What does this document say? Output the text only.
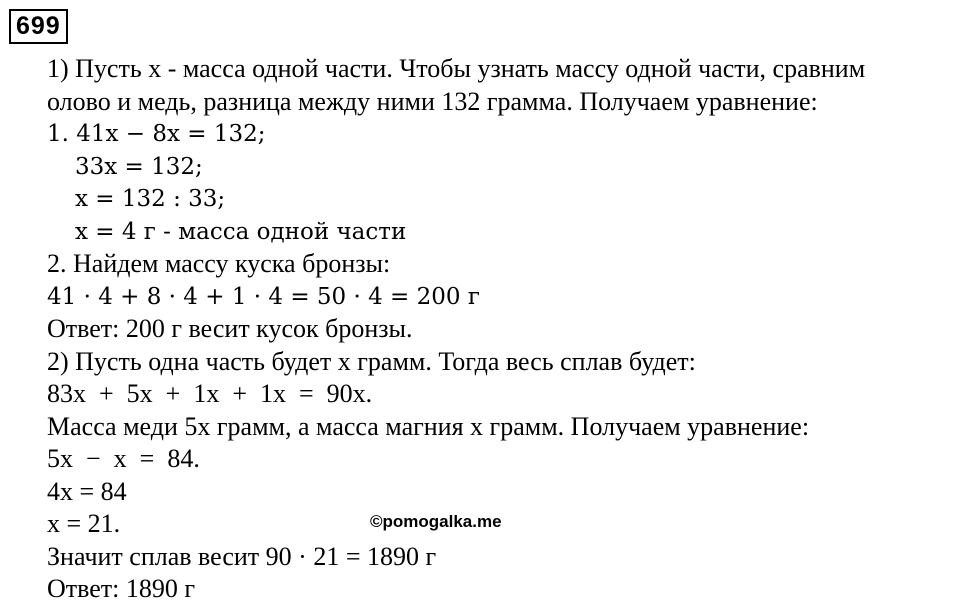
699
1) Пусть х - масса одной части. Чтобы узнать массу одной части, сравним
олово и медь, разница между ними 132 грамма. Получаем уравнение:
1. 41x − 8x = 132;
33x = 132;
x = 132 : 33;
x = 4 г - масса одной части
2. Найдем массу куска бронзы:
41 · 4 + 8 · 4 + 1 · 4 = 50 · 4 = 200 г
Ответ: 200 г весит кусок бронзы.
2) Пусть одна часть будет х грамм. Тогда весь сплав будет:
83x  +  5x  +  1x  +  1x  =  90x.
Масса меди 5х грамм, а масса магния х грамм. Получаем уравнение:
5x  −  x  =  84.
4x = 84
x = 21.
Значит сплав весит 90 · 21 = 1890 г
Ответ: 1890 г
©pomogalka.me
